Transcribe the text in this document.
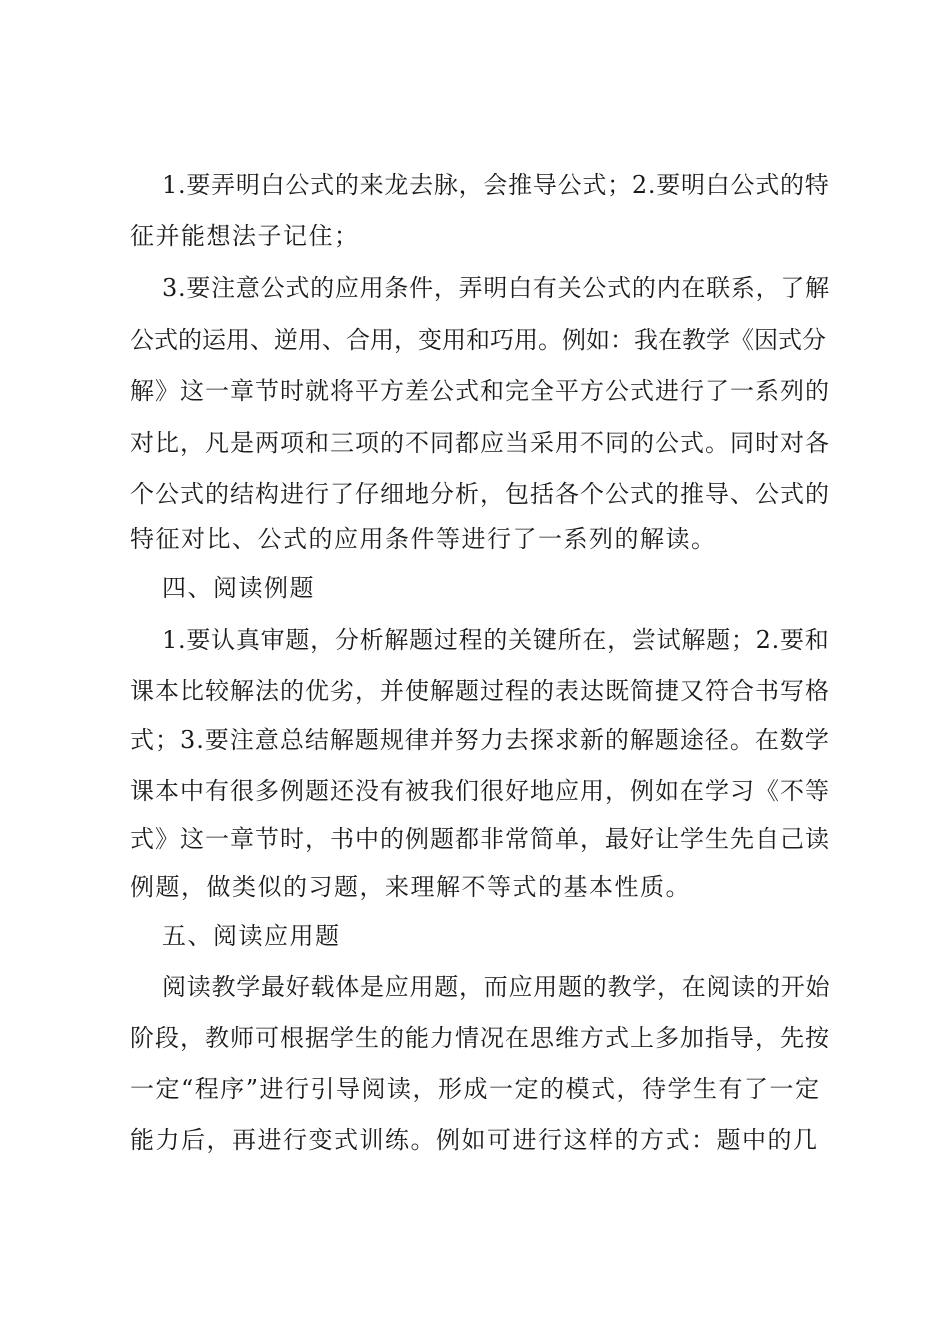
1.要弄明白公式的来龙去脉，会推导公式；2.要明白公式的特
征并能想法子记住；
3.要注意公式的应用条件，弄明白有关公式的内在联系，了解
公式的运用、逆用、合用，变用和巧用。例如：我在教学《因式分
解》这一章节时就将平方差公式和完全平方公式进行了一系列的
对比，凡是两项和三项的不同都应当采用不同的公式。同时对各
个公式的结构进行了仔细地分析，包括各个公式的推导、公式的
特征对比、公式的应用条件等进行了一系列的解读。
四、阅读例题
1.要认真审题，分析解题过程的关键所在，尝试解题；2.要和
课本比较解法的优劣，并使解题过程的表达既简捷又符合书写格
式；3.要注意总结解题规律并努力去探求新的解题途径。在数学
课本中有很多例题还没有被我们很好地应用，例如在学习《不等
式》这一章节时，书中的例题都非常简单，最好让学生先自己读
例题，做类似的习题，来理解不等式的基本性质。
五、阅读应用题
阅读教学最好载体是应用题，而应用题的教学，在阅读的开始
阶段，教师可根据学生的能力情况在思维方式上多加指导，先按
一定“程序”进行引导阅读，形成一定的模式，待学生有了一定
能力后，再进行变式训练。例如可进行这样的方式：题中的几
